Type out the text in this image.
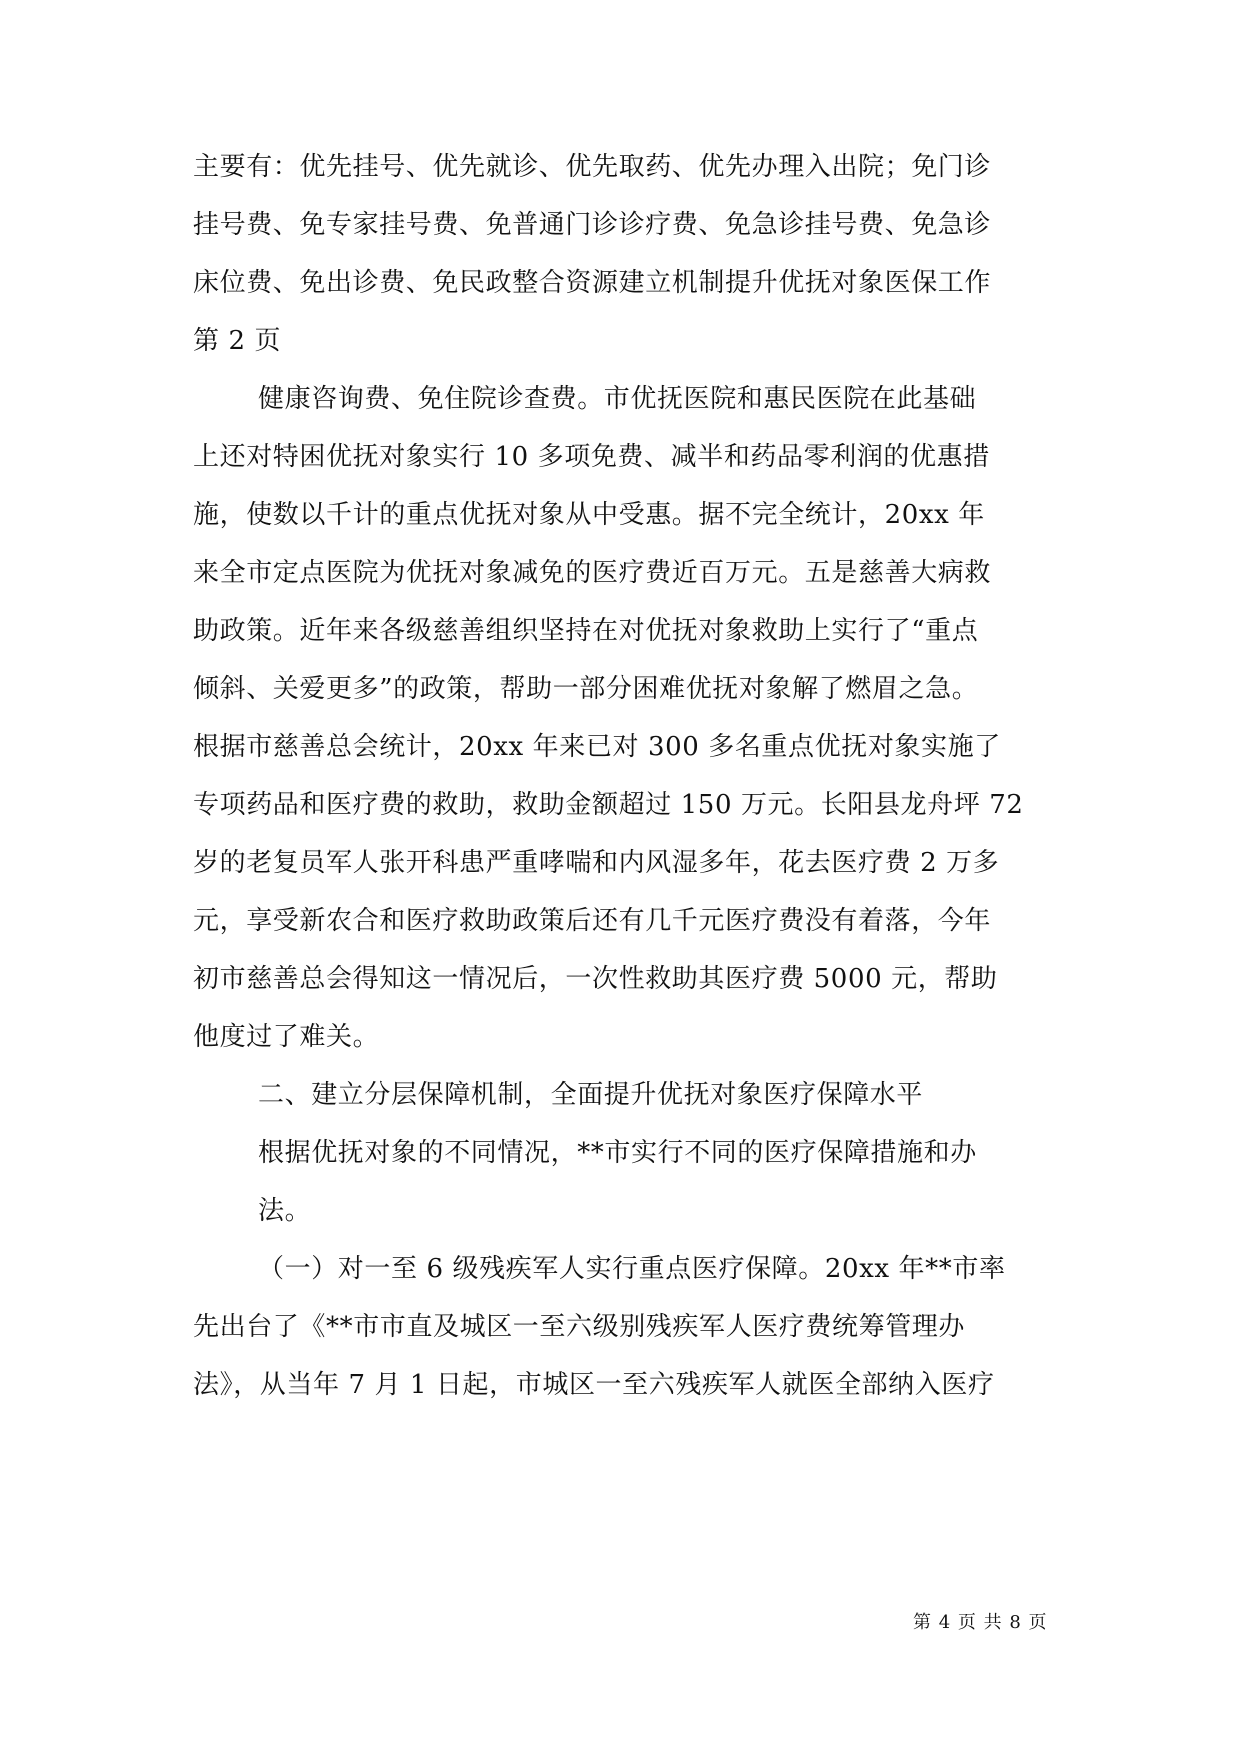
主要有：优先挂号、优先就诊、优先取药、优先办理入出院；免门诊
挂号费、免专家挂号费、免普通门诊诊疗费、免急诊挂号费、免急诊
床位费、免出诊费、免民政整合资源建立机制提升优抚对象医保工作
第 2 页
健康咨询费、免住院诊查费。市优抚医院和惠民医院在此基础
上还对特困优抚对象实行 10 多项免费、减半和药品零利润的优惠措
施，使数以千计的重点优抚对象从中受惠。据不完全统计，20xx 年
来全市定点医院为优抚对象减免的医疗费近百万元。五是慈善大病救
助政策。近年来各级慈善组织坚持在对优抚对象救助上实行了“重点
倾斜、关爱更多”的政策，帮助一部分困难优抚对象解了燃眉之急。
根据市慈善总会统计，20xx 年来已对 300 多名重点优抚对象实施了
专项药品和医疗费的救助，救助金额超过 150 万元。长阳县龙舟坪 72
岁的老复员军人张开科患严重哮喘和内风湿多年，花去医疗费 2 万多
元，享受新农合和医疗救助政策后还有几千元医疗费没有着落，今年
初市慈善总会得知这一情况后，一次性救助其医疗费 5000 元，帮助
他度过了难关。
二、建立分层保障机制，全面提升优抚对象医疗保障水平
根据优抚对象的不同情况，**市实行不同的医疗保障措施和办
法。
（一）对一至 6 级残疾军人实行重点医疗保障。20xx 年**市率
先出台了《**市市直及城区一至六级别残疾军人医疗费统筹管理办
法》，从当年 7 月 1 日起，市城区一至六残疾军人就医全部纳入医疗
第 4 页 共 8 页
